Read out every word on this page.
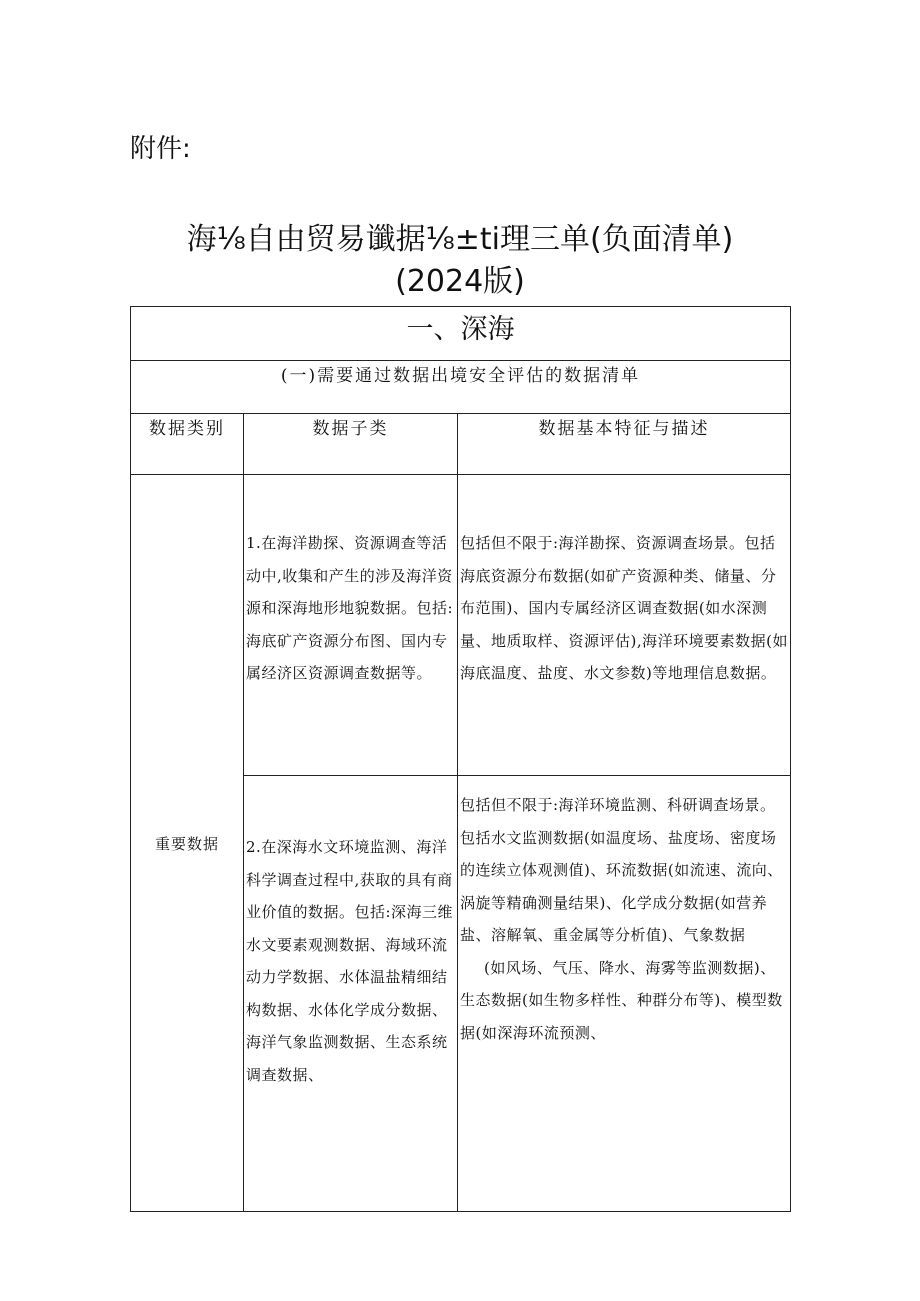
附件:
海⅛自由贸易谶据⅛±ti理三单(负面清单)
(2024版)
一、深海		
(一)需要通过数据出境安全评估的数据清单		
数据类别	数据子类	数据基本特征与描述
重要数据	1.在海洋勘探、资源调查等活动中,收集和产生的涉及海洋资源和深海地形地貌数据。包括:海底矿产资源分布图、国内专属经济区资源调查数据等。	包括但不限于:海洋勘探、资源调查场景。包括海底资源分布数据(如矿产资源种类、储量、分布范围)、国内专属经济区调查数据(如水深测量、地质取样、资源评估),海洋环境要素数据(如海底温度、盐度、水文参数)等地理信息数据。
	2.在深海水文环境监测、海洋科学调查过程中,获取的具有商业价值的数据。包括:深海三维水文要素观测数据、海域环流动力学数据、水体温盐精细结构数据、水体化学成分数据、海洋气象监测数据、生态系统调查数据、	包括但不限于:海洋环境监测、科研调查场景。包括水文监测数据(如温度场、盐度场、密度场的连续立体观测值)、环流数据(如流速、流向、涡旋等精确测量结果)、化学成分数据(如营养盐、溶解氧、重金属等分析值)、气象数据

(如风场、气压、降水、海雾等监测数据)、生态数据(如生物多样性、种群分布等)、模型数据(如深海环流预测、
